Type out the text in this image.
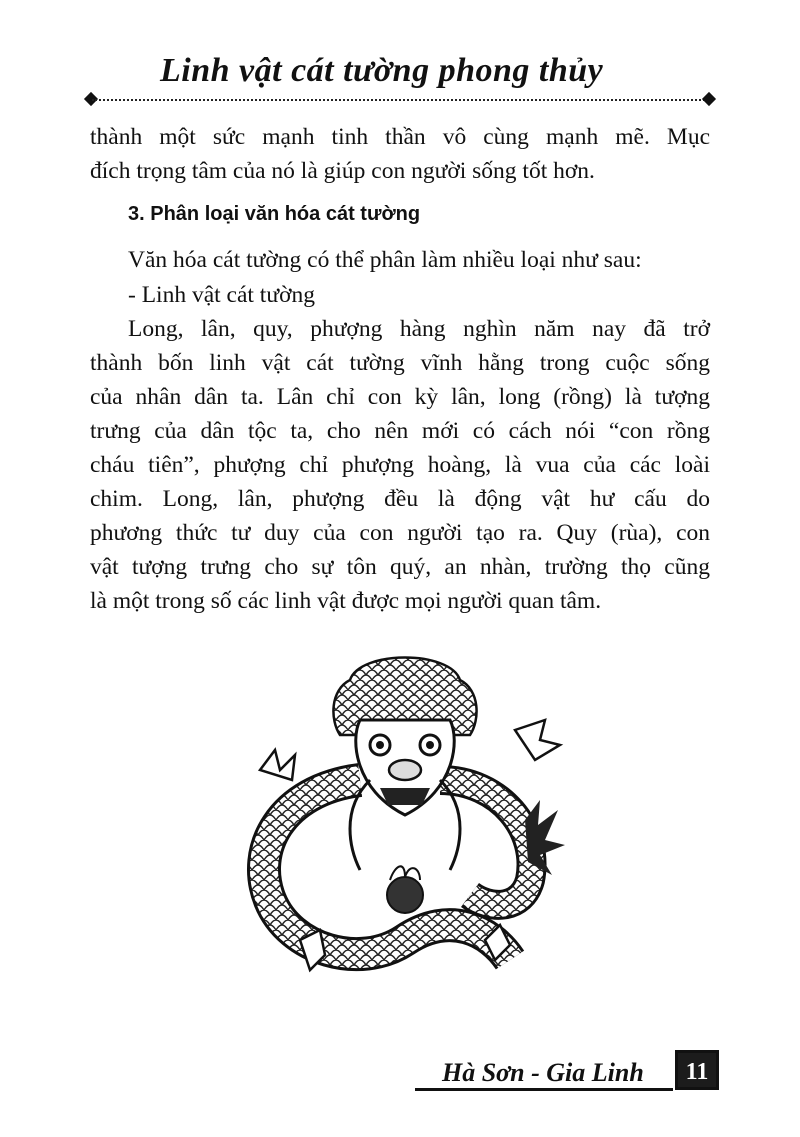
Linh vật cát tường phong thủy
thành một sức mạnh tinh thần vô cùng mạnh mẽ. Mục
đích trọng tâm của nó là giúp con người sống tốt hơn.
3. Phân loại văn hóa cát tường
Văn hóa cát tường có thể phân làm nhiều loại như sau:
- Linh vật cát tường
Long, lân, quy, phượng hàng nghìn năm nay đã trở
thành bốn linh vật cát tường vĩnh hằng trong cuộc sống
của nhân dân ta. Lân chỉ con kỳ lân, long (rồng) là tượng
trưng của dân tộc ta, cho nên mới có cách nói “con rồng
cháu tiên”, phượng chỉ phượng hoàng, là vua của các loài
chim. Long, lân, phượng đều là động vật hư cấu do
phương thức tư duy của con người tạo ra. Quy (rùa), con
vật tượng trưng cho sự tôn quý, an nhàn, trường thọ cũng
là một trong số các linh vật được mọi người quan tâm.
Hà Sơn - Gia Linh	11
